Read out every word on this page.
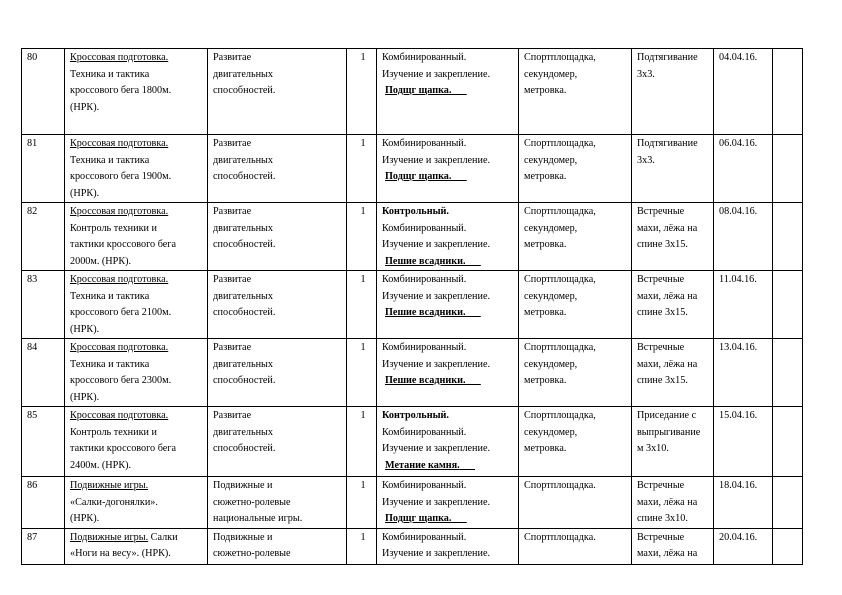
80	Кроссовая подготовка.
Техника и тактика
кроссового бега 1800м.
(НРК).	Развитае
двигательных
способностей.	1	Комбинированный.
Изучение и закрепление.
Подщг щапка.	Спортплощадка,
секундомер,
метровка.	Подтягивание
3х3.	04.04.16.	
81	Кроссовая подготовка.
Техника и тактика
кроссового бега 1900м.
(НРК).	Развитае
двигательных
способностей.	1	Комбинированный.
Изучение и закрепление.
Подщг щапка.	Спортплощадка,
секундомер,
метровка.	Подтягивание
3х3.	06.04.16.	
82	Кроссовая подготовка.
Контроль техники и
тактики кроссового бега
2000м. (НРК).	Развитае
двигательных
способностей.	1	Контрольный.
Комбинированный.
Изучение и закрепление.
Пешие всадники.	Спортплощадка,
секундомер,
метровка.	Встречные
махи, лёжа на
спине 3х15.	08.04.16.	
83	Кроссовая подготовка.
Техника и тактика
кроссового бега 2100м.
(НРК).	Развитае
двигательных
способностей.	1	Комбинированный.
Изучение и закрепление.
Пешие всадники.	Спортплощадка,
секундомер,
метровка.	Встречные
махи, лёжа на
спине 3х15.	11.04.16.	
84	Кроссовая подготовка.
Техника и тактика
кроссового бега 2300м.
(НРК).	Развитае
двигательных
способностей.	1	Комбинированный.
Изучение и закрепление.
Пешие всадники.	Спортплощадка,
секундомер,
метровка.	Встречные
махи, лёжа на
спине 3х15.	13.04.16.	
85	Кроссовая подготовка.
Контроль техники и
тактики кроссового бега
2400м. (НРК).	Развитае
двигательных
способностей.	1	Контрольный.
Комбинированный.
Изучение и закрепление.
Метание камня.	Спортплощадка,
секундомер,
метровка.	Приседание с
выпрыгивание
м 3х10.	15.04.16.	
86	Подвижные игры.
«Салки-догонялки».
(НРК).	Подвижные и
сюжетно-ролевые
национальные игры.	1	Комбинированный.
Изучение и закрепление.
Подщг щапка.	Спортплощадка.	Встречные
махи, лёжа на
спине 3х10.	18.04.16.	
87	Подвижные игры. Салки
«Ноги на весу». (НРК).	Подвижные и
сюжетно-ролевые	1	Комбинированный.
Изучение и закрепление.	Спортплощадка.	Встречные
махи, лёжа на	20.04.16.	
